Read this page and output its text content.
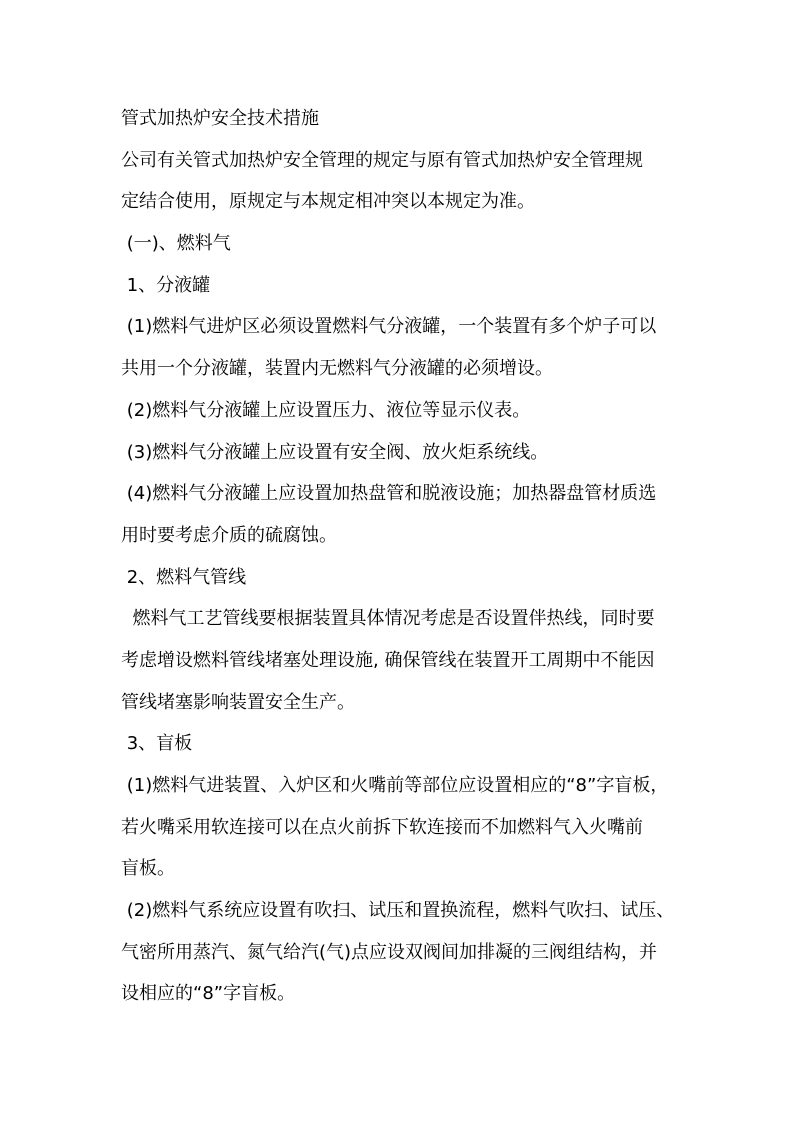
管式加热炉安全技术措施
公司有关管式加热炉安全管理的规定与原有管式加热炉安全管理规
定结合使用，原规定与本规定相冲突以本规定为准。
(一)、燃料气
1、分液罐
(1)燃料气进炉区必须设置燃料气分液罐，一个装置有多个炉子可以
共用一个分液罐，装置内无燃料气分液罐的必须增设。
(2)燃料气分液罐上应设置压力、液位等显示仪表。
(3)燃料气分液罐上应设置有安全阀、放火炬系统线。
(4)燃料气分液罐上应设置加热盘管和脱液设施；加热器盘管材质选
用时要考虑介质的硫腐蚀。
2、燃料气管线
燃料气工艺管线要根据装置具体情况考虑是否设置伴热线，同时要
考虑增设燃料管线堵塞处理设施, 确保管线在装置开工周期中不能因
管线堵塞影响装置安全生产。
3、盲板
(1)燃料气进装置、入炉区和火嘴前等部位应设置相应的“8”字盲板，
若火嘴采用软连接可以在点火前拆下软连接而不加燃料气入火嘴前
盲板。
(2)燃料气系统应设置有吹扫、试压和置换流程，燃料气吹扫、试压、
气密所用蒸汽、氮气给汽(气)点应设双阀间加排凝的三阀组结构，并
设相应的“8”字盲板。
